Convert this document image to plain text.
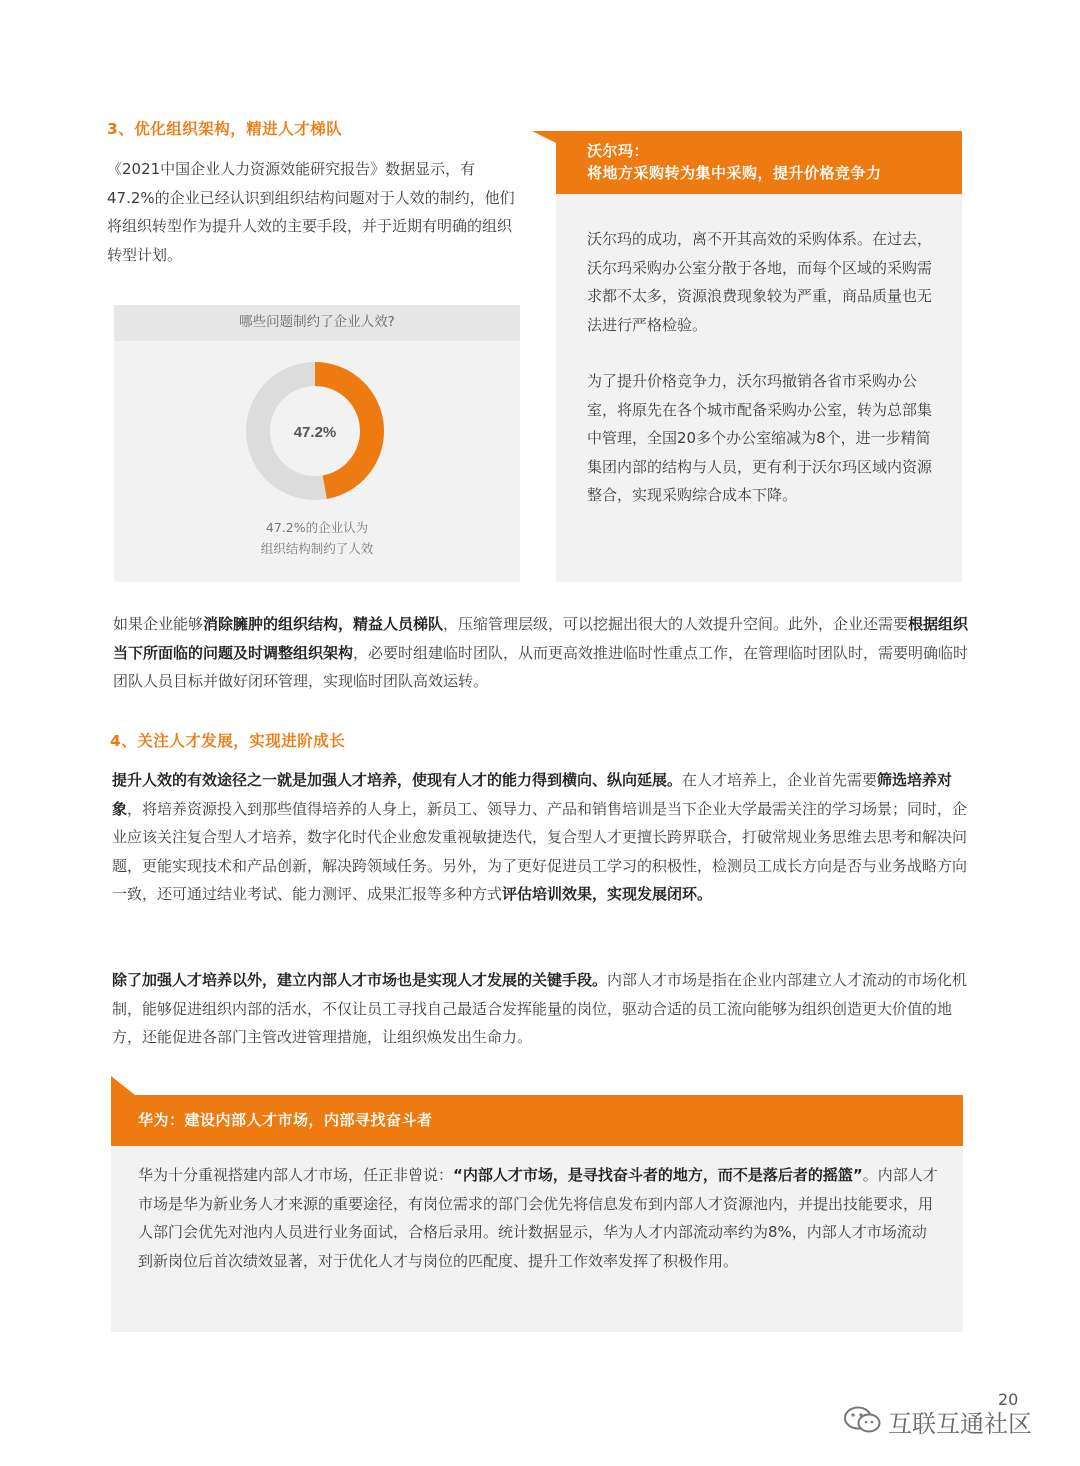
3、优化组织架构，精进人才梯队

《2021中国企业人力资源效能研究报告》数据显示，有47.2%的企业已经认识到组织结构问题对于人效的制约，他们将组织转型作为提升人效的主要手段，并于近期有明确的组织转型计划。

哪些问题制约了企业人效?
47.2%
47.2%的企业认为
组织结构制约了人效
沃尔玛：
将地方采购转为集中采购，提升价格竞争力

沃尔玛的成功，离不开其高效的采购体系。在过去，沃尔玛采购办公室分散于各地，而每个区域的采购需求都不太多，资源浪费现象较为严重，商品质量也无法进行严格检验。

为了提升价格竞争力，沃尔玛撤销各省市采购办公室，将原先在各个城市配备采购办公室，转为总部集中管理，全国20多个办公室缩减为8个，进一步精简集团内部的结构与人员，更有利于沃尔玛区域内资源整合，实现采购综合成本下降。

如果企业能够消除臃肿的组织结构，精益人员梯队，压缩管理层级，可以挖掘出很大的人效提升空间。此外，企业还需要根据组织当下所面临的问题及时调整组织架构，必要时组建临时团队，从而更高效推进临时性重点工作，在管理临时团队时，需要明确临时团队人员目标并做好闭环管理，实现临时团队高效运转。

4、关注人才发展，实现进阶成长

提升人效的有效途径之一就是加强人才培养，使现有人才的能力得到横向、纵向延展。在人才培养上，企业首先需要筛选培养对象，将培养资源投入到那些值得培养的人身上，新员工、领导力、产品和销售培训是当下企业大学最需关注的学习场景；同时，企业应该关注复合型人才培养，数字化时代企业愈发重视敏捷迭代，复合型人才更擅长跨界联合，打破常规业务思维去思考和解决问题，更能实现技术和产品创新，解决跨领域任务。另外，为了更好促进员工学习的积极性，检测员工成长方向是否与业务战略方向一致，还可通过结业考试、能力测评、成果汇报等多种方式评估培训效果，实现发展闭环。

除了加强人才培养以外，建立内部人才市场也是实现人才发展的关键手段。内部人才市场是指在企业内部建立人才流动的市场化机制，能够促进组织内部的活水，不仅让员工寻找自己最适合发挥能量的岗位，驱动合适的员工流向能够为组织创造更大价值的地方，还能促进各部门主管改进管理措施，让组织焕发出生命力。

华为：建设内部人才市场，内部寻找奋斗者

华为十分重视搭建内部人才市场，任正非曾说：“内部人才市场，是寻找奋斗者的地方，而不是落后者的摇篮”。内部人才市场是华为新业务人才来源的重要途径，有岗位需求的部门会优先将信息发布到内部人才资源池内，并提出技能要求，用人部门会优先对池内人员进行业务面试，合格后录用。统计数据显示，华为人才内部流动率约为8%，内部人才市场流动到新岗位后首次绩效显著，对于优化人才与岗位的匹配度、提升工作效率发挥了积极作用。

20
互联互通社区
